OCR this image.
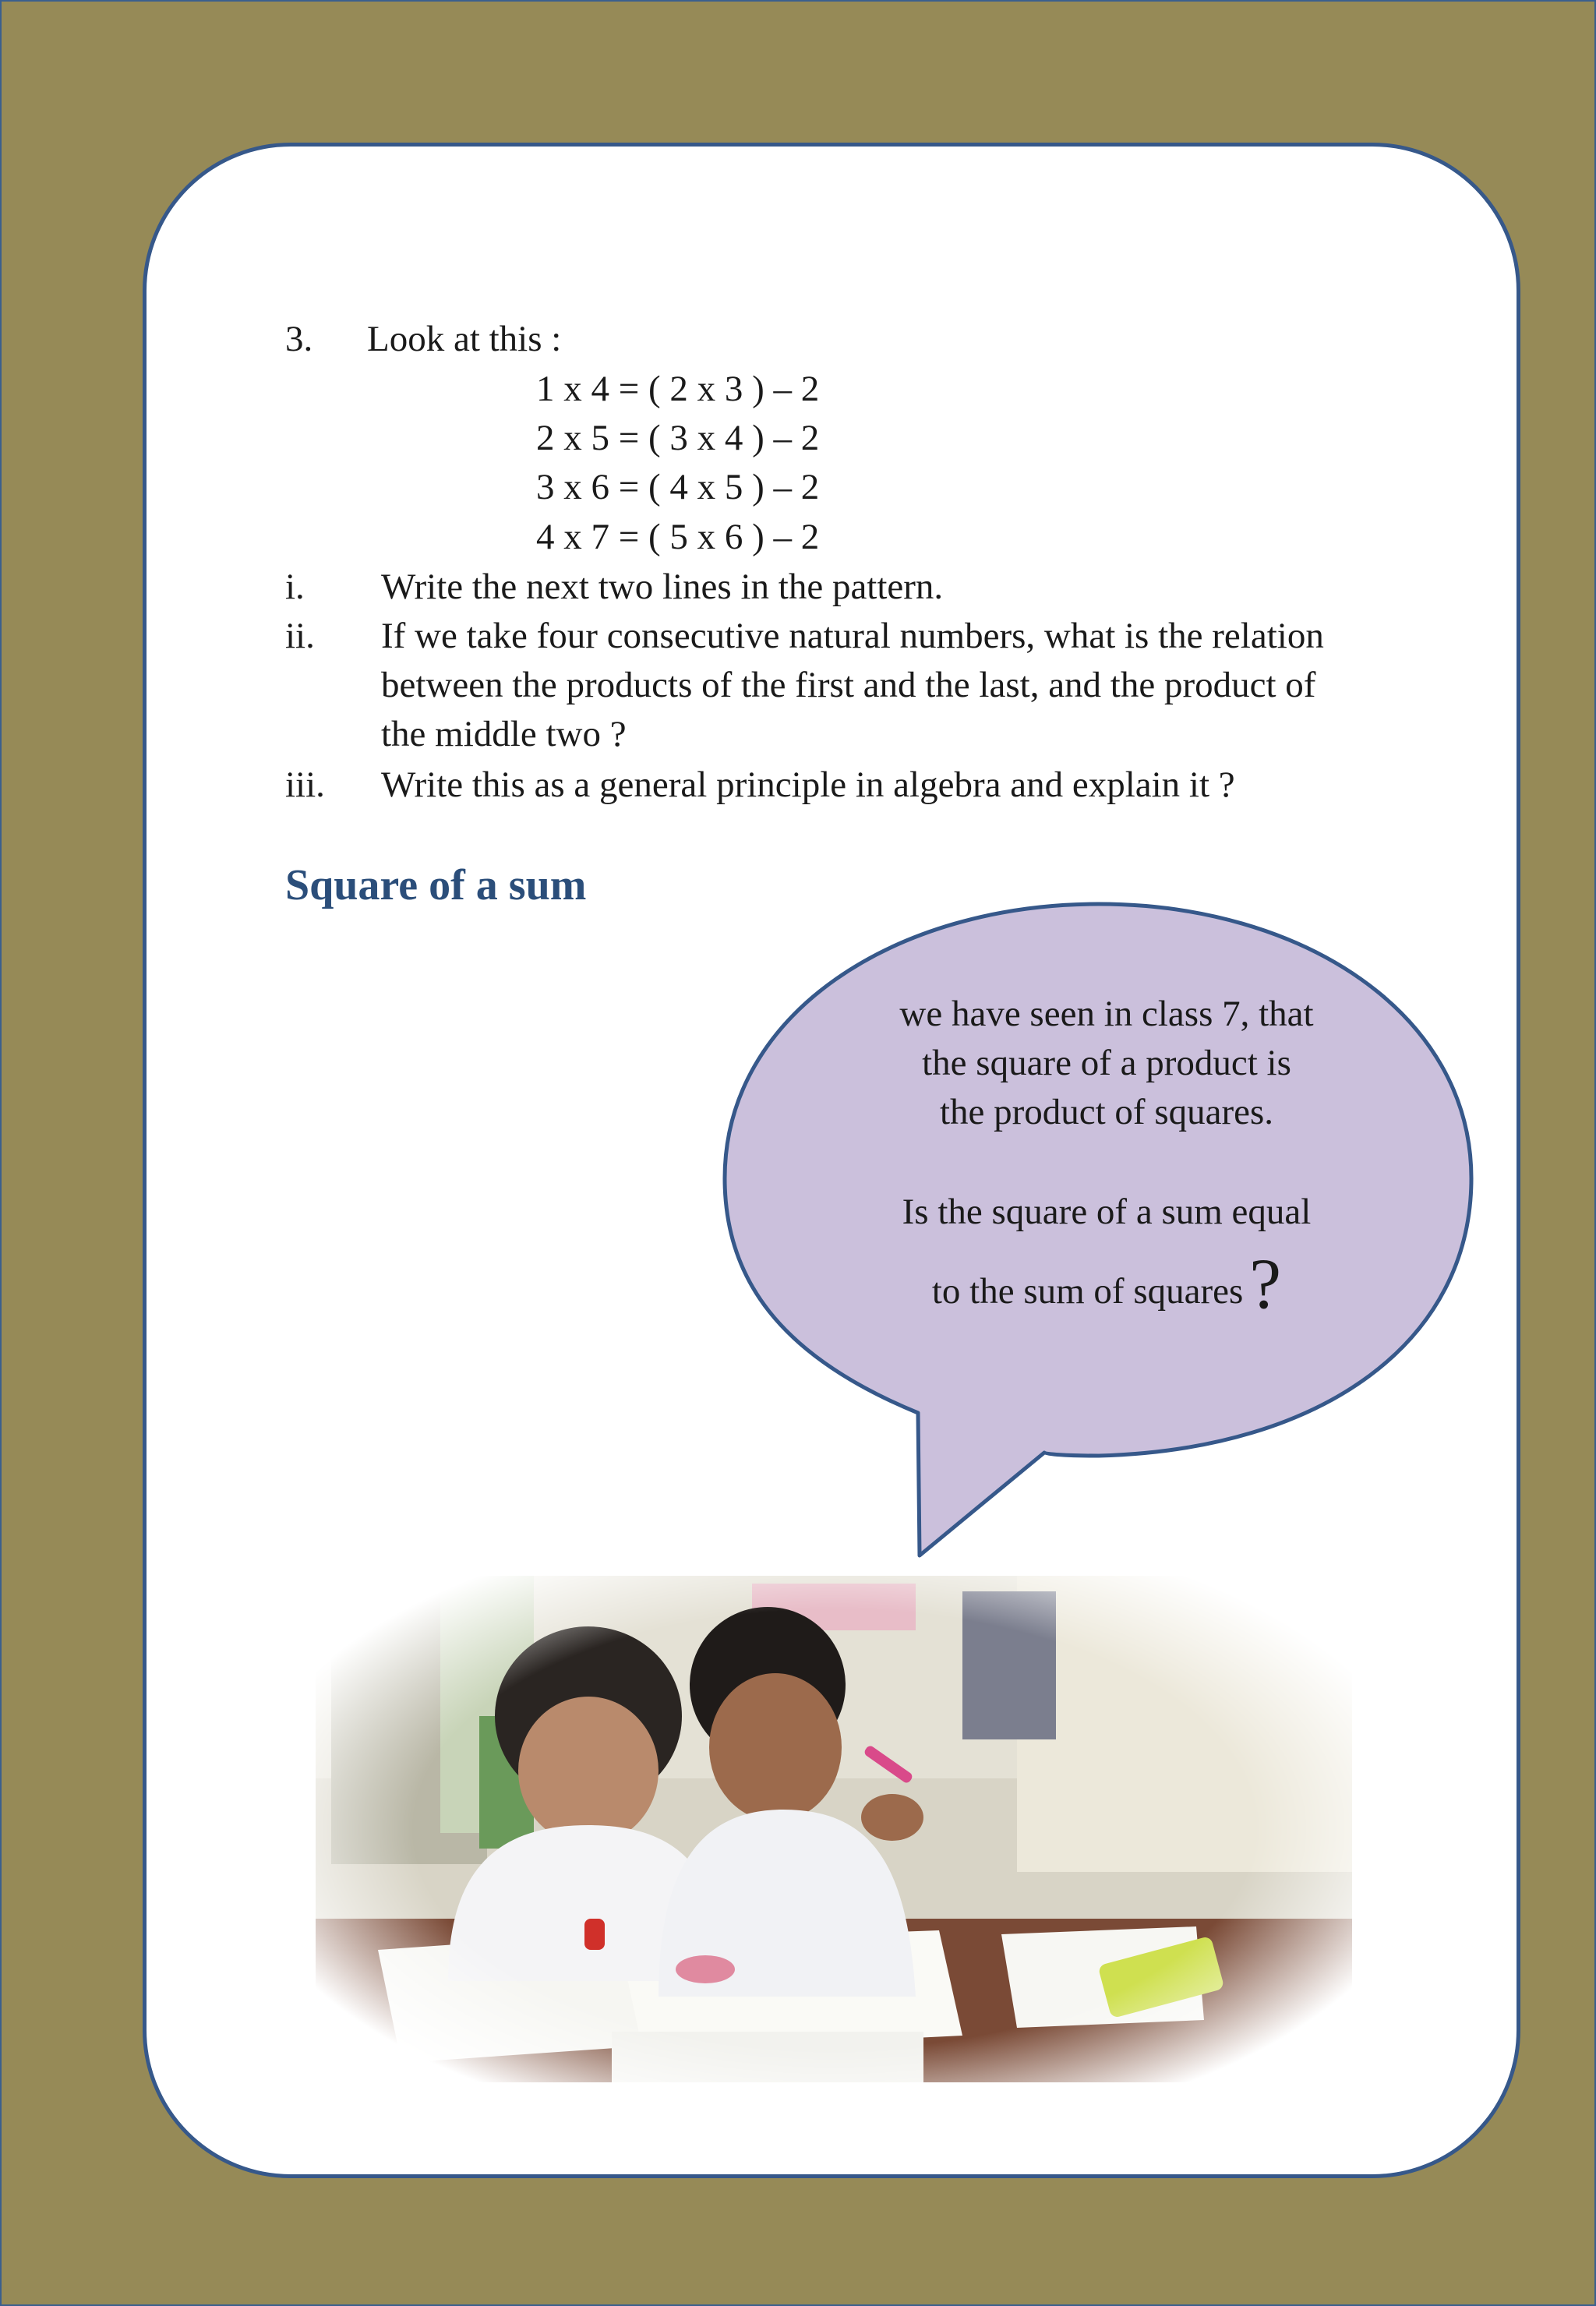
3. Look at this :
1 x 4 = ( 2 x 3 ) – 2
2 x 5 = ( 3 x 4 ) – 2
3 x 6 = ( 4 x 5 ) – 2
4 x 7 = ( 5 x 6 ) – 2
i. Write the next two lines in the pattern.
ii. If we take four consecutive natural numbers, what is the relation between the products of the first and the last, and the product of the middle two ?
iii. Write this as a general principle in algebra and explain it ?
Square of a sum
we have seen in class 7, that
the square of a product is
the product of squares.
Is the square of a sum equal
to the sum of squares?
